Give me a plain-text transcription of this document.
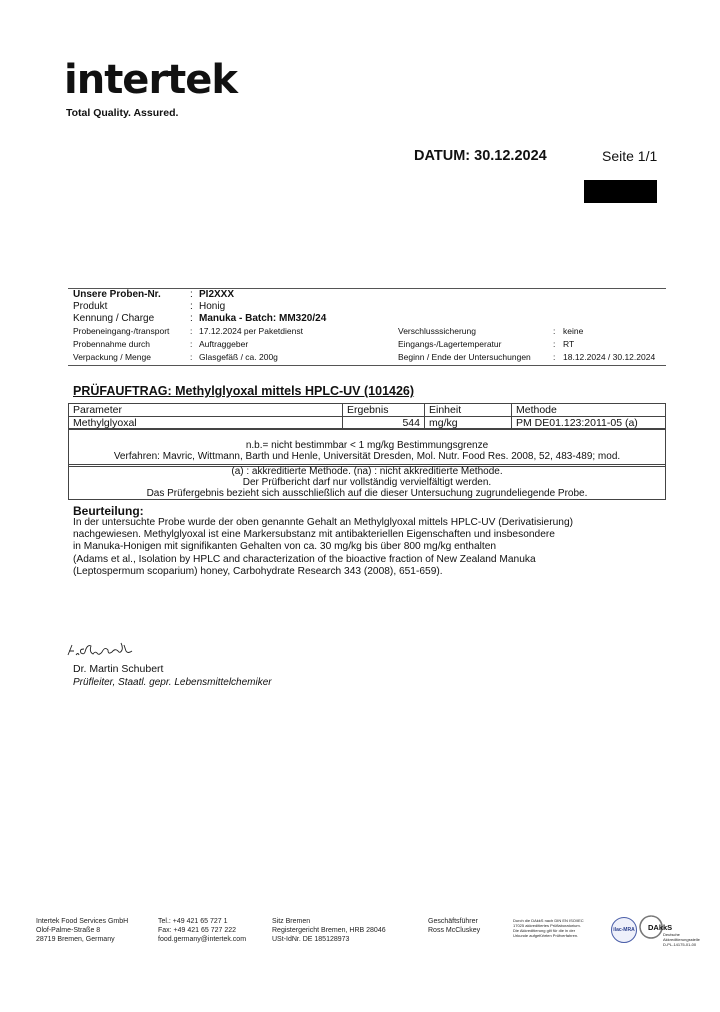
intertek
Total Quality. Assured.
DATUM: 30.12.2024	Seite 1/1
Unsere Proben-Nr.	: PI2XXX
Produkt	: Honig
Kennung / Charge	: Manuka - Batch: MM320/24
Probeneingang-/transport : 17.12.2024 per Paketdienst
Probennahme durch	: Auftraggeber
Verpackung / Menge	: Glasgefäß / ca. 200g
Verschlusssicherung	: keine
Eingangs-/Lagertemperatur	: RT
Beginn / Ende der Untersuchungen	: 18.12.2024 / 30.12.2024
PRÜFAUFTRAG: Methylglyoxal mittels HPLC-UV (101426)
Parameter	Ergebnis	Einheit	Methode
Methylglyoxal	544	mg/kg	PM DE01.123:2011-05 (a)
n.b.= nicht bestimmbar < 1 mg/kg Bestimmungsgrenze
Verfahren: Mavric, Wittmann, Barth und Henle, Universität Dresden, Mol. Nutr. Food Res. 2008, 52, 483-489; mod.
(a) : akkreditierte Methode. (na) : nicht akkreditierte Methode.
Der Prüfbericht darf nur vollständig vervielfältigt werden.
Das Prüfergebnis bezieht sich ausschließlich auf die dieser Untersuchung zugrundeliegende Probe.
Beurteilung:
In der untersuchte Probe wurde der oben genannte Gehalt an Methylglyoxal mittels HPLC-UV (Derivatisierung)
nachgewiesen. Methylglyoxal ist eine Markersubstanz mit antibakteriellen Eigenschaften und insbesondere
in Manuka-Honigen mit signifikanten Gehalten von ca. 30 mg/kg bis über 800 mg/kg enthalten
(Adams et al., Isolation by HPLC and characterization of the bioactive fraction of New Zealand Manuka
(Leptospermum scoparium) honey, Carbohydrate Research 343 (2008), 651-659).
Dr. Martin Schubert
Prüfleiter, Staatl. gepr. Lebensmittelchemiker
Intertek Food Services GmbH
Olof-Palme-Straße 8
28719 Bremen, Germany
Tel.: +49 421 65 727 1
Fax: +49 421 65 727 222
food.germany@intertek.com
Sitz Bremen
Registergericht Bremen, HRB 28046
USt-IdNr. DE 185128973
Geschäftsführer
Ross McCluskey
Durch die DAkkS nach DIN EN ISO/IEC
17025 akkreditiertes Prüflaboratorium.
Die Akkreditierung gilt für die in der
Urkunde aufgeführten Prüfverfahren.
ilac-MRA DAkkS
Deutsche
Akkreditierungsstelle
D-PL-14175-01-00
